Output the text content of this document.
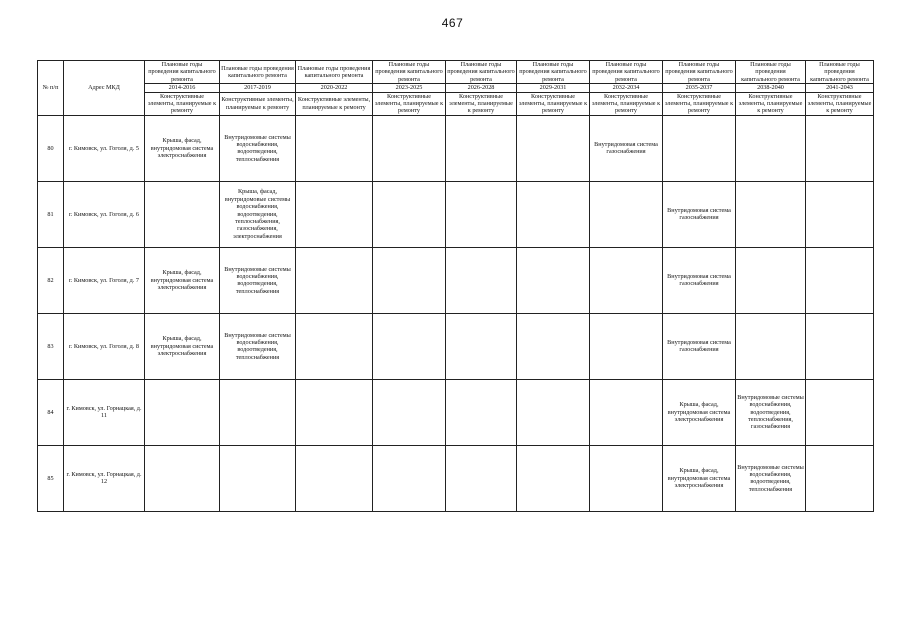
467
№ п/п	Адрес МКД	Плановые годы проведения капитального ремонта	Плановые годы проведения капитального ремонта	Плановые годы проведения капитального ремонта	Плановые годы проведения капитального ремонта	Плановые годы проведения капитального ремонта	Плановые годы проведения капитального ремонта	Плановые годы проведения капитального ремонта	Плановые годы проведения капитального ремонта	Плановые годы проведения капитального ремонта	Плановые годы проведения капитального ремонта
		2014-2016	2017-2019	2020-2022	2023-2025	2026-2028	2029-2031	2032-2034	2035-2037	2038-2040	2041-2043
		Конструктивные элементы, планируемые к ремонту	Конструктивные элементы, планируемые к ремонту	Конструктивные элементы, планируемые к ремонту	Конструктивные элементы, планируемые к ремонту	Конструктивные элементы, планируемые к ремонту	Конструктивные элементы, планируемые к ремонту	Конструктивные элементы, планируемые к ремонту	Конструктивные элементы, планируемые к ремонту	Конструктивные элементы, планируемые к ремонту	Конструктивные элементы, планируемые к ремонту
80	г. Кимовск, ул. Гоголя, д. 5	Крыша, фасад, внутридомовая система электроснабжения	Внутридомовые системы водоснабжения, водоотведения, теплоснабжения					Внутридомовая система газоснабжения			
81	г. Кимовск, ул. Гоголя, д. 6		Крыша, фасад, внутридомовые системы водоснабжения, водоотведения, теплоснабжения, газоснабжения, электроснабжения						Внутридомовая система газоснабжения		
82	г. Кимовск, ул. Гоголя, д. 7	Крыша, фасад, внутридомовая система электроснабжения	Внутридомовые системы водоснабжения, водоотведения, теплоснабжения						Внутридомовая система газоснабжения		
83	г. Кимовск, ул. Гоголя, д. 8	Крыша, фасад, внутридомовая система электроснабжения	Внутридомовые системы водоснабжения, водоотведения, теплоснабжения						Внутридомовая система газоснабжения		
84	г. Кимовск, ул. Горнацкая, д. 11								Крыша, фасад, внутридомовая система электроснабжения	Внутридомовые системы водоснабжения, водоотведения, теплоснабжения, газоснабжения	
85	г. Кимовск, ул. Горнацкая, д. 12								Крыша, фасад, внутридомовая система электроснабжения	Внутридомовые системы водоснабжения, водоотведения, теплоснабжения	
